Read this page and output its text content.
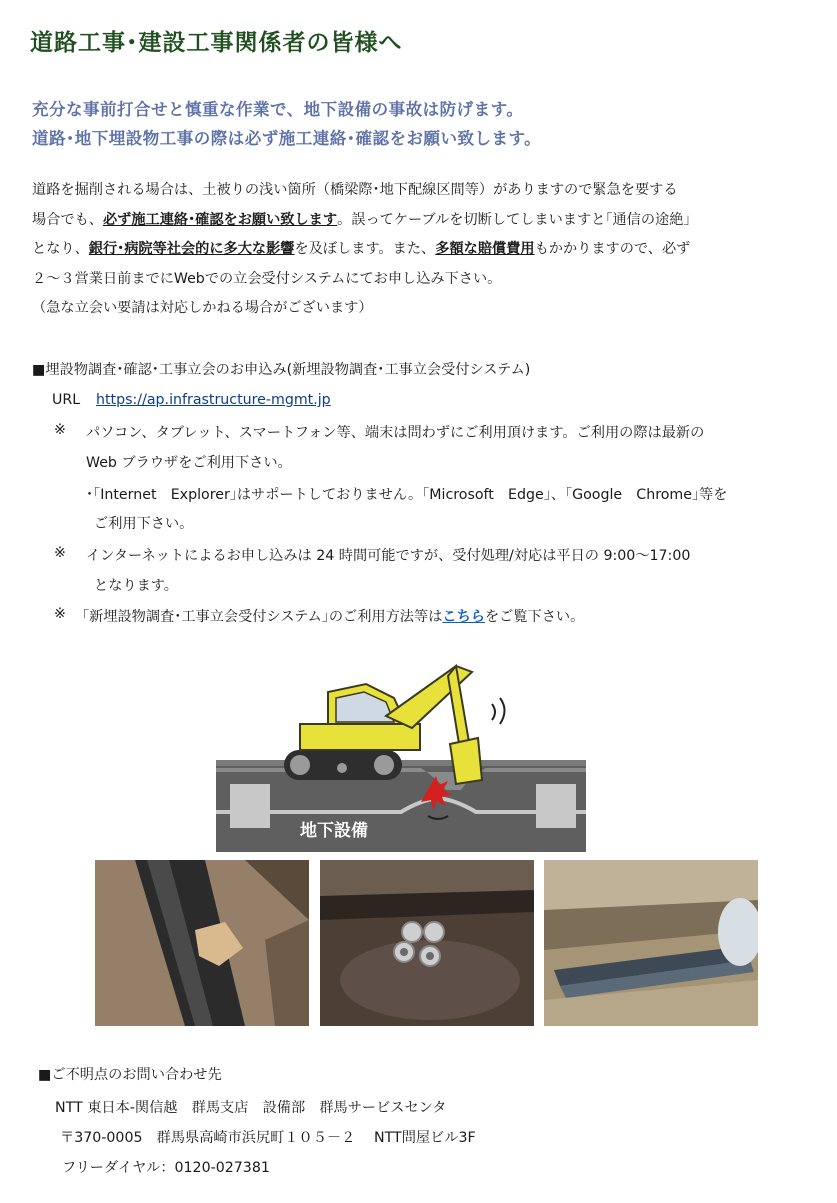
道路工事･建設工事関係者の皆様へ
充分な事前打合せと慎重な作業で、地下設備の事故は防げます。
道路･地下埋設物工事の際は必ず施工連絡･確認をお願い致します。
道路を掘削される場合は、土被りの浅い箇所（橋梁際･地下配線区間等）がありますので緊急を要する
場合でも、必ず施工連絡･確認をお願い致します。誤ってケーブルを切断してしまいますと｢通信の途絶｣
となり、銀行･病院等社会的に多大な影響を及ぼします。また、多額な賠償費用もかかりますので、必ず
２～３営業日前までにWebでの立会受付システムにてお申し込み下さい。
（急な立会い要請は対応しかねる場合がございます）
■埋設物調査･確認･工事立会のお申込み(新埋設物調査･工事立会受付システム)
URL https://ap.infrastructure-mgmt.jp
※ パソコン、タブレット、スマートフォン等、端末は問わずにご利用頂けます。ご利用の際は最新の
Web ブラウザをご利用下さい。
･｢Internet　Explorer｣はサポートしておりません。｢Microsoft　Edge｣、｢Google　Chrome｣等を
ご利用下さい。
※ インターネットによるお申し込みは 24 時間可能ですが、受付処理/対応は平日の 9:00～17:00
となります。
※ ｢新埋設物調査･工事立会受付システム｣のご利用方法等はこちらをご覧下さい。
地下設備
■ご不明点のお問い合わせ先
NTT 東日本-関信越　群馬支店　設備部　群馬サービスセンタ
〒370-0005　群馬県高崎市浜尻町１０５－２　 NTT問屋ビル3F
フリーダイヤル：0120-027381
